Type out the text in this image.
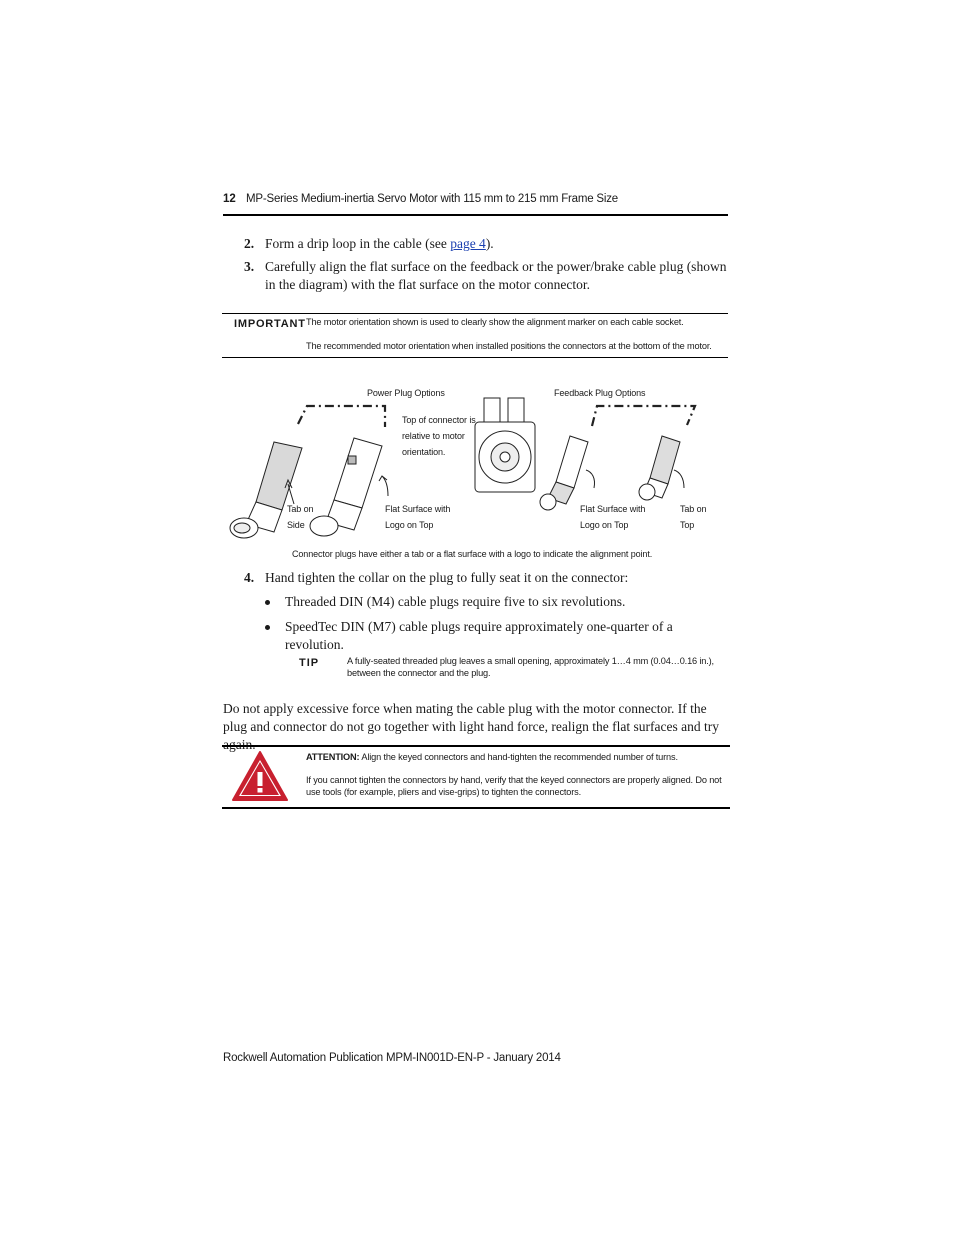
12 MP-Series Medium-inertia Servo Motor with 115 mm to 215 mm Frame Size
2. Form a drip loop in the cable (see page 4).
3. Carefully align the flat surface on the feedback or the power/brake cable plug (shown in the diagram) with the flat surface on the motor connector.
IMPORTANT The motor orientation shown is used to clearly show the alignment marker on each cable socket.
The recommended motor orientation when installed positions the connectors at the bottom of the motor.
Power Plug Options	Feedback Plug Options
Top of connector is
relative to motor
orientation.
Tab on
Side
Flat Surface with
Logo on Top
Flat Surface with
Logo on Top
Tab on
Top
Connector plugs have either a tab or a flat surface with a logo to indicate the alignment point.
4. Hand tighten the collar on the plug to fully seat it on the connector:
Threaded DIN (M4) cable plugs require five to six revolutions.
SpeedTec DIN (M7) cable plugs require approximately one-quarter of a revolution.
TIP	A fully-seated threaded plug leaves a small opening, approximately 1…4 mm (0.04…0.16 in.),
between the connector and the plug.
Do not apply excessive force when mating the cable plug with the motor connector. If the plug and connector do not go together with light hand force, realign the flat surfaces and try
ATTENTION: Align the keyed connectors and hand-tighten the recommended number of turns.
If you cannot tighten the connectors by hand, verify that the keyed connectors are properly aligned. Do not use tools (for example, pliers and vise-grips) to tighten the connectors.
Rockwell Automation Publication MPM-IN001D-EN-P - January 2014
